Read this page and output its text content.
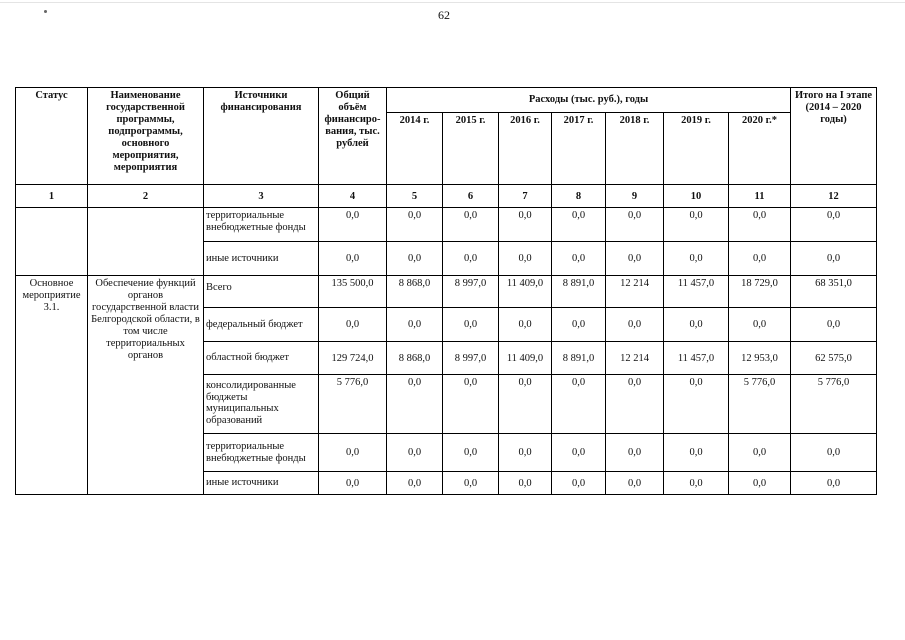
62
Статус	Наименование государственной программы, подпрограммы, основного мероприятия, мероприятия	Источники финансирования	Общий объём финансиро-вания, тыс. рублей	Расходы (тыс. руб.), годы							Итого на I этапе (2014 – 2020 годы)
				2014 г.	2015 г.	2016 г.	2017 г.	2018 г.	2019 г.	2020 г.*	
1	2	3	4	5	6	7	8	9	10	11	12
		территориальные внебюджетные фонды	0,0	0,0	0,0	0,0	0,0	0,0	0,0	0,0	0,0
		иные источники	0,0	0,0	0,0	0,0	0,0	0,0	0,0	0,0	0,0
Основное мероприятие 3.1.	Обеспечение функций органов государственной власти Белгородской области, в том числе территориальных органов	Всего	135 500,0	8 868,0	8 997,0	11 409,0	8 891,0	12 214	11 457,0	18 729,0	68 351,0
		федеральный бюджет	0,0	0,0	0,0	0,0	0,0	0,0	0,0	0,0	0,0
		областной бюджет	129 724,0	8 868,0	8 997,0	11 409,0	8 891,0	12 214	11 457,0	12 953,0	62 575,0
		консолидированные бюджеты муниципальных образований	5 776,0	0,0	0,0	0,0	0,0	0,0	0,0	5 776,0	5 776,0
		территориальные внебюджетные фонды	0,0	0,0	0,0	0,0	0,0	0,0	0,0	0,0	0,0
		иные источники	0,0	0,0	0,0	0,0	0,0	0,0	0,0	0,0	0,0
